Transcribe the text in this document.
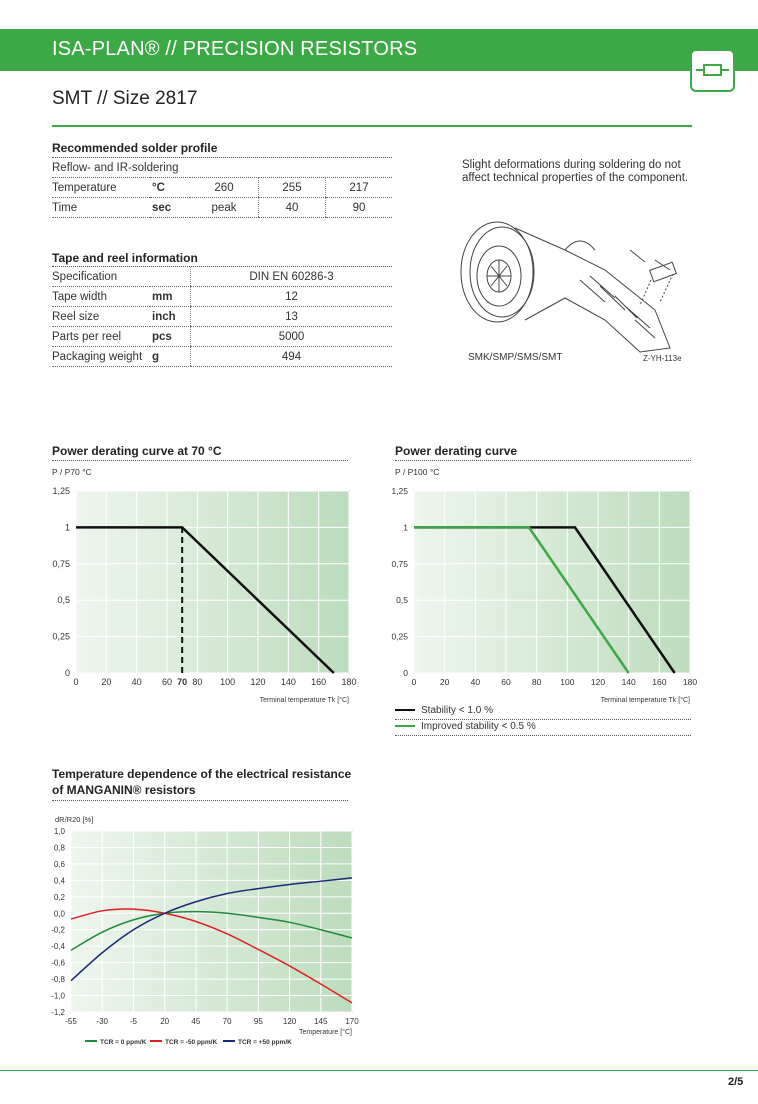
ISA-PLAN® // PRECISION RESISTORS
SMT // Size 2817
Recommended solder profile
Reflow- and IR-soldering				
Temperature	°C	260	255	217
Time	sec	peak	40	90
Slight deformations during soldering do not affect technical properties of the component.
Tape and reel information
Specification		DIN EN 60286-3
Tape width	mm	12
Reel size	inch	13
Parts per reel	pcs	5000
Packaging weight	g	494	SMK/SMP/SMS/SMT	Z-YH-113e
Power derating curve at 70 °C
P / P70 °C
0	20 40 60 70 80 100 120 140 160 180
0
0,25
0,5
0,75
1
1,25
Terminal temperature Tk [°C]
Power derating curve
P / P100 °C
0	20 40 60 80 100 120 140 160 180
0
0,25
0,5
0,75
1
1,25
Terminal temperature Tk [°C]
Stability < 1.0 %
Improved stability < 0.5 %
Temperature dependence of the electrical resistance
of MANGANIN® resistors
dR/R20 [%]
-55 -30	-5	20	45	70	95	120 145 170
-1,2
-1,0
-0,8
-0,6
-0,4
-0,2
0,0
0,2
0,4
0,6
0,8
1,0
Temperature [°C]
TCR = 0 ppm/K	TCR = -50 ppm/K	TCR = +50 ppm/K
2/5
